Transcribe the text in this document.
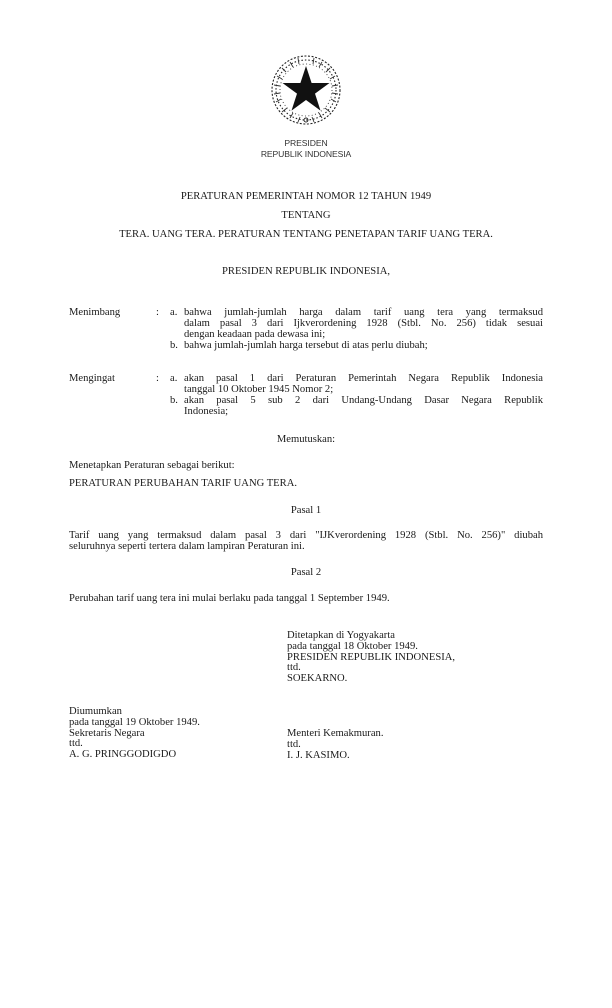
PRESIDEN
REPUBLIK INDONESIA
PERATURAN PEMERINTAH NOMOR 12 TAHUN 1949
TENTANG
TERA. UANG TERA. PERATURAN TENTANG PENETAPAN TARIF UANG TERA.
PRESIDEN REPUBLIK INDONESIA,
Menimbang	: a. bahwa jumlah-jumlah harga dalam tarif uang tera yang termaksud
dalam pasal 3 dari Ijkverordening 1928 (Stbl. No. 256) tidak sesuai
dengan keadaan pada dewasa ini;
b. bahwa jumlah-jumlah harga tersebut di atas perlu diubah;
Mengingat	: a. akan pasal 1 dari Peraturan Pemerintah Negara Republik Indonesia
tanggal 10 Oktober 1945 Nomor 2;
b. akan pasal 5 sub 2 dari Undang-Undang Dasar Negara Republik
Indonesia;
Memutuskan:
Menetapkan Peraturan sebagai berikut:
PERATURAN PERUBAHAN TARIF UANG TERA.
Pasal 1
Tarif uang yang termaksud dalam pasal 3 dari "IJKverordening 1928 (Stbl. No. 256)" diubah
seluruhnya seperti tertera dalam lampiran Peraturan ini.
Pasal 2
Perubahan tarif uang tera ini mulai berlaku pada tanggal 1 September 1949.
Ditetapkan di Yogyakarta
pada tanggal 18 Oktober 1949.
PRESIDEN REPUBLIK INDONESIA,
ttd.
SOEKARNO.
Diumumkan
pada tanggal 19 Oktober 1949.
Sekretaris Negara
ttd.
A. G. PRINGGODIGDO
Menteri Kemakmuran.
ttd.
I. J. KASIMO.
